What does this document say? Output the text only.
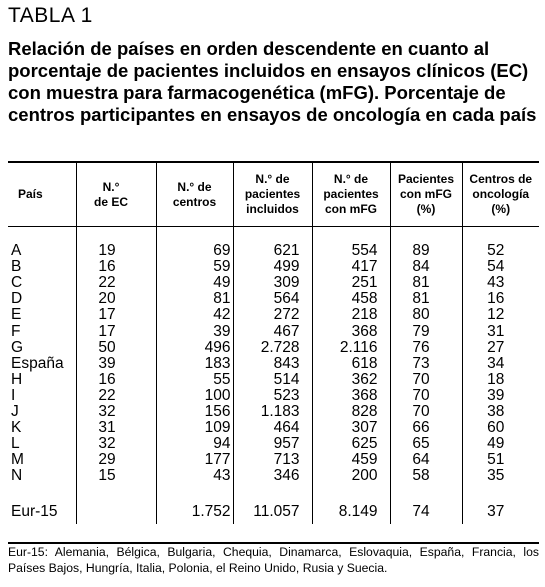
TABLA 1
Relación de países en orden descendente en cuanto al porcentaje de pacientes incluidos en ensayos clínicos (EC) con muestra para farmacogenética (mFG). Porcentaje de centros participantes en ensayos de oncología en cada país
País	N.° de EC	N.° de centros	N.° de pacientes incluidos	N.° de pacientes con mFG	Pacientes con mFG (%)	Centros de oncología (%)

A	19	69	621	554	89	52
B	16	59	499	417	84	54
C	22	49	309	251	81	43
D	20	81	564	458	81	16
E	17	42	272	218	80	12
F	17	39	467	368	79	31
G	50	496	2.728	2.116	76	27
España	39	183	843	618	73	34
H	16	55	514	362	70	18
I	22	100	523	368	70	39
J	32	156	1.183	828	70	38
K	31	109	464	307	66	60
L	32	94	957	625	65	49
M	29	177	713	459	64	51
N	15	43	346	200	58	35

Eur-15		1.752	11.057	8.149	74	37
Eur-15: Alemania, Bélgica, Bulgaria, Chequia, Dinamarca, Eslovaquia, España, Francia, los Países Bajos, Hungría, Italia, Polonia, el Reino Unido, Rusia y Suecia.
